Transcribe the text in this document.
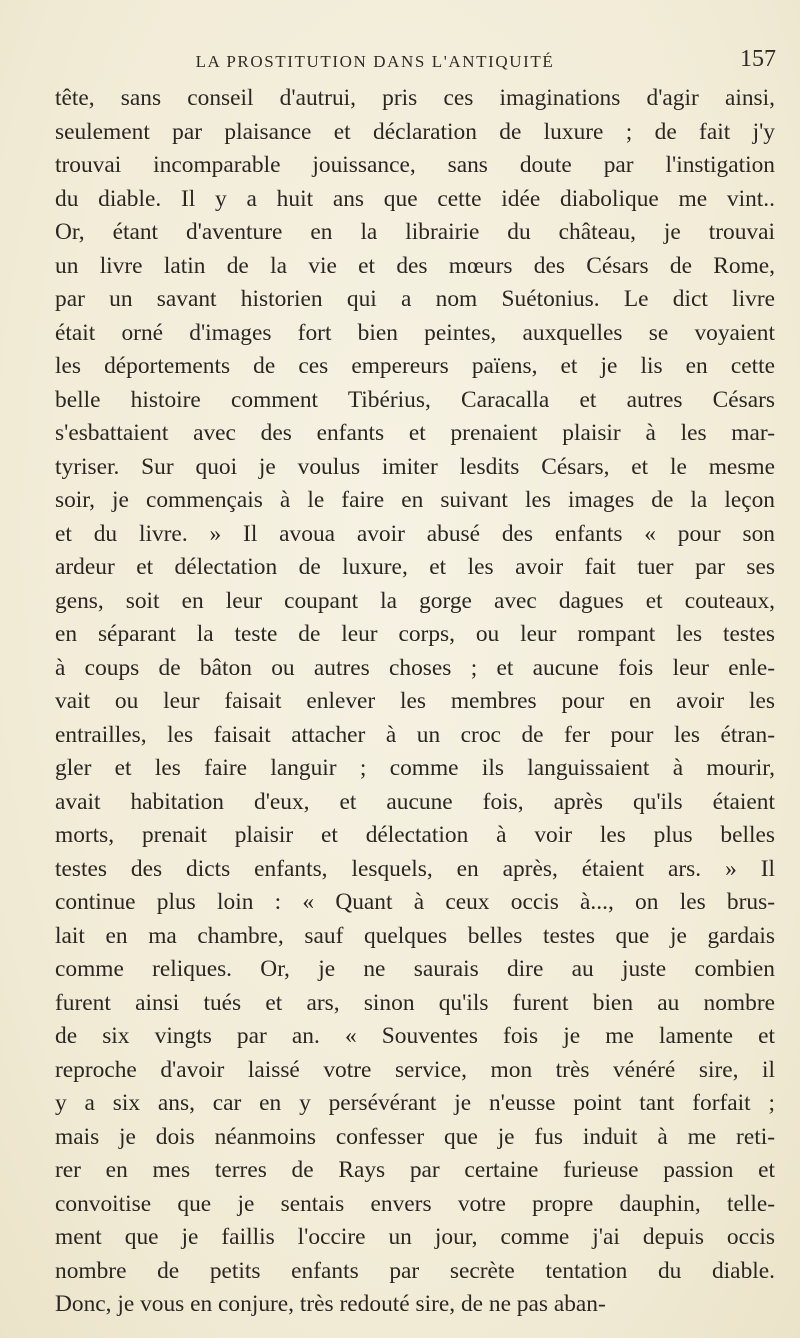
LA PROSTITUTION DANS L'ANTIQUITÉ	157
tête, sans conseil d'autrui, pris ces imaginations d'agir ainsi,
seulement par plaisance et déclaration de luxure ; de fait j'y
trouvai incomparable jouissance, sans doute par l'instigation
du diable. Il y a huit ans que cette idée diabolique me vint..
Or, étant d'aventure en la librairie du château, je trouvai
un livre latin de la vie et des mœurs des Césars de Rome,
par un savant historien qui a nom Suétonius. Le dict livre
était orné d'images fort bien peintes, auxquelles se voyaient
les déportements de ces empereurs païens, et je lis en cette
belle histoire comment Tibérius, Caracalla et autres Césars
s'esbattaient avec des enfants et prenaient plaisir à les mar-
tyriser. Sur quoi je voulus imiter lesdits Césars, et le mesme
soir, je commençais à le faire en suivant les images de la leçon
et du livre. » Il avoua avoir abusé des enfants « pour son
ardeur et délectation de luxure, et les avoir fait tuer par ses
gens, soit en leur coupant la gorge avec dagues et couteaux,
en séparant la teste de leur corps, ou leur rompant les testes
à coups de bâton ou autres choses ; et aucune fois leur enle-
vait ou leur faisait enlever les membres pour en avoir les
entrailles, les faisait attacher à un croc de fer pour les étran-
gler et les faire languir ; comme ils languissaient à mourir,
avait habitation d'eux, et aucune fois, après qu'ils étaient
morts, prenait plaisir et délectation à voir les plus belles
testes des dicts enfants, lesquels, en après, étaient ars. » Il
continue plus loin : « Quant à ceux occis à..., on les brus-
lait en ma chambre, sauf quelques belles testes que je gardais
comme reliques. Or, je ne saurais dire au juste combien
furent ainsi tués et ars, sinon qu'ils furent bien au nombre
de six vingts par an. « Souventes fois je me lamente et
reproche d'avoir laissé votre service, mon très vénéré sire, il
y a six ans, car en y persévérant je n'eusse point tant forfait ;
mais je dois néanmoins confesser que je fus induit à me reti-
rer en mes terres de Rays par certaine furieuse passion et
convoitise que je sentais envers votre propre dauphin, telle-
ment que je faillis l'occire un jour, comme j'ai depuis occis
nombre de petits enfants par secrète tentation du diable.
Donc, je vous en conjure, très redouté sire, de ne pas aban-
